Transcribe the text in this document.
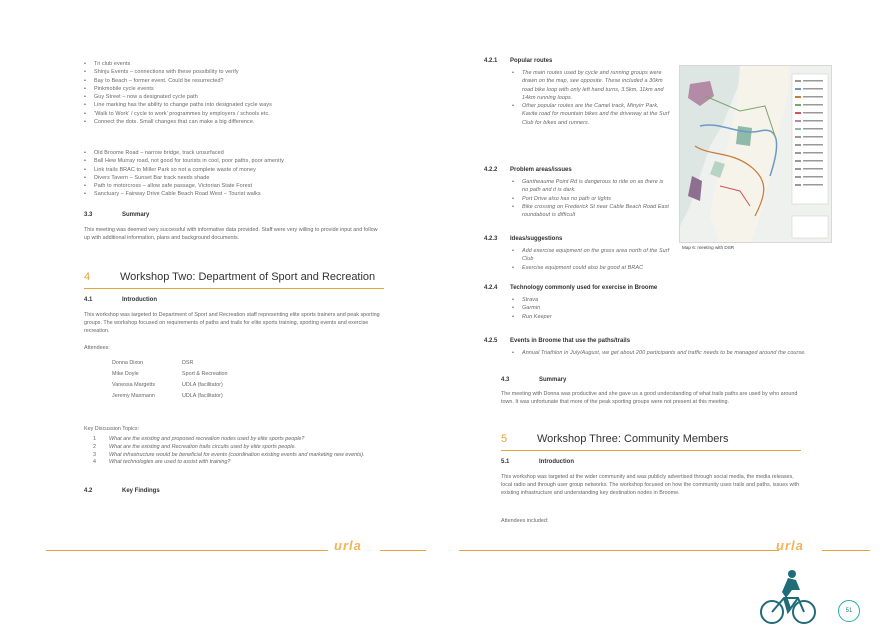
• Tri club events
• Shinju Events – connections with these possibility to verify
• Bay to Beach – former event. Could be resurrected?
• Pinkmobile cycle events
• Guy Street – now a designated cycle path
• Line marking has the ability to change paths into designated cycle ways
• ‘Walk to Work’ / cycle to work’ programmes by employers / schools etc.
• Connect the dots. Small changes that can make a big difference.
• Old Broome Road – narrow bridge, track unsurfaced
• Ball Hew Murray road, not good for tourists in cool, poor paths, poor amenity
• Link trails BRAC to Miller Park so not a complete waste of money
• Divers Tavern – Sunset Bar track needs shade
• Path to motorcross – allow safe passage, Victorian State Forest
• Sanctuary – Fairway Drive Cable Beach Road West – Tourist walks
3.3	Summary

This meeting was deemed very successful with informative data provided. Staff were very willing to provide input and follow up with additional information, plans and background documents.

4	Workshop Two: Department of Sport and Recreation
4.1	Introduction

This workshop was targeted to Department of Sport and Recreation staff representing elite sports trainers and peak sporting groups. The workshop focused on requirements of paths and trails for elite sports training, sporting events and exercise recreation.

Attendees:

Donna Dixon	DSR
Mike Doyle	Sport & Recreation
Vanessa Margetts	UDLA (facilitator)
Jeremy Maxmann	UDLA (facilitator)

Key Discussion Topics:

1	What are the existing and proposed recreation nodes used by elite sports people?
2	What are the existing and Recreation trails circuits used by elite sports people.
3	What infrastructure would be beneficial for events (coordination existing events and marketing new events).
4	What technologies are used to assist with training?
4.2	Key Findings
urla
4.2.1	Popular routes
• The main routes used by cycle and running groups were drawn on the map, see opposite. These included a 30km road bike loop with only left hand turns, 3.5km, 11km and 14km running loops.
• Other popular routes are the Camel track, Minyirr Park, Kavite road for mountain bikes and the driveway at the Surf Club for bikes and runners.
4.2.2	Problem areas/issues
• Gantheaume Point Rd is dangerous to ride on as there is no path and it is dark.
• Port Drive also has no path or lights
• Bike crossing on Frederick St near Cable Beach Road East roundabout is difficult
4.2.3	Ideas/suggestions
• Add exercise equipment on the grass area north of the Surf Club
• Exercise equipment could also be good at BRAC
4.2.4	Technology commonly used for exercise in Broome
• Strava
• Garmin
• Run Keeper
4.2.5	Events in Broome that use the paths/trails
• Annual Triathlon in July/August, we get about 200 participants and traffic needs to be managed around the course.
4.3	Summary

The meeting with Donna was productive and she gave us a good understanding of what trails paths are used by who around town. It was unfortunate that more of the peak sporting groups were not present at this meeting.

5	Workshop Three: Community Members
5.1	Introduction

This workshop was targeted at the wider community and was publicly advertised through social media, the media releases, local radio and through user group networks. The workshop focused on how the community uses trails and paths, issues with existing infrastructure and understanding key destination nodes in Broome.

Attendees included:

urla
Map 6: meeting with DSR
51
